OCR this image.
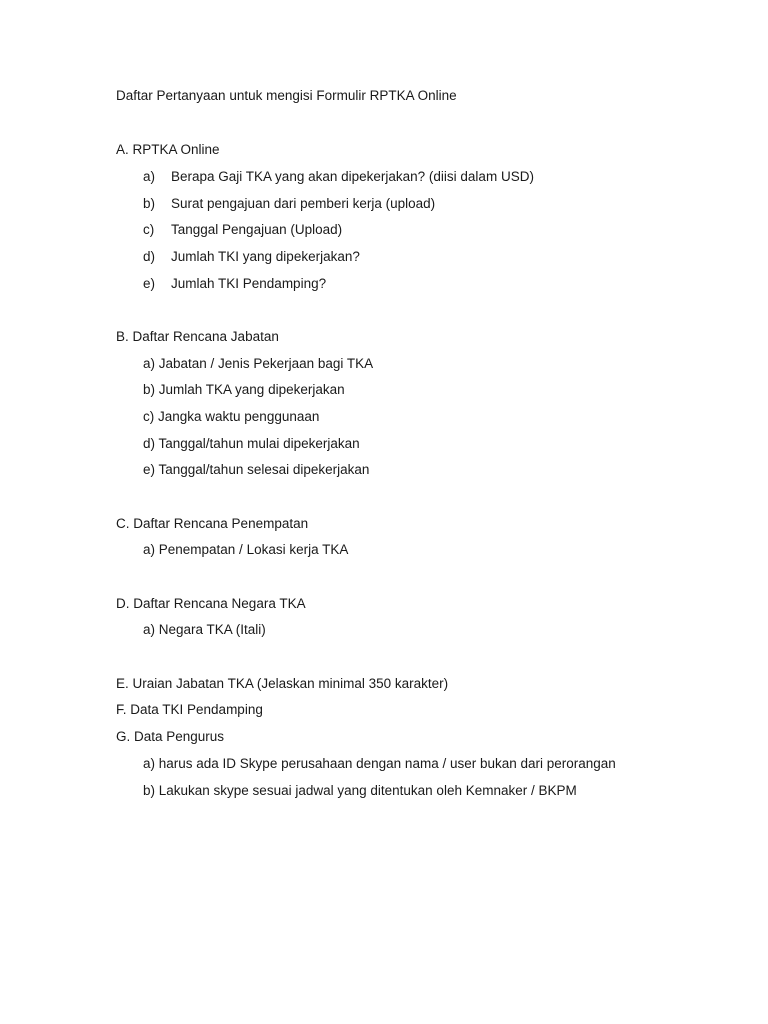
Daftar Pertanyaan untuk mengisi Formulir RPTKA Online
A. RPTKA Online
a) Berapa Gaji TKA yang akan dipekerjakan? (diisi dalam USD)
b) Surat pengajuan dari pemberi kerja (upload)
c) Tanggal Pengajuan (Upload)
d) Jumlah TKI yang dipekerjakan?
e) Jumlah TKI Pendamping?
B. Daftar Rencana Jabatan
a) Jabatan / Jenis Pekerjaan bagi TKA
b) Jumlah TKA yang dipekerjakan
c) Jangka waktu penggunaan
d) Tanggal/tahun mulai dipekerjakan
e) Tanggal/tahun selesai dipekerjakan
C. Daftar Rencana Penempatan
a) Penempatan / Lokasi kerja TKA
D. Daftar Rencana Negara TKA
a) Negara TKA (Itali)
E. Uraian Jabatan TKA (Jelaskan minimal 350 karakter)
F. Data TKI Pendamping
G. Data Pengurus
a) harus ada ID Skype perusahaan dengan nama / user bukan dari perorangan
b) Lakukan skype sesuai jadwal yang ditentukan oleh Kemnaker / BKPM
